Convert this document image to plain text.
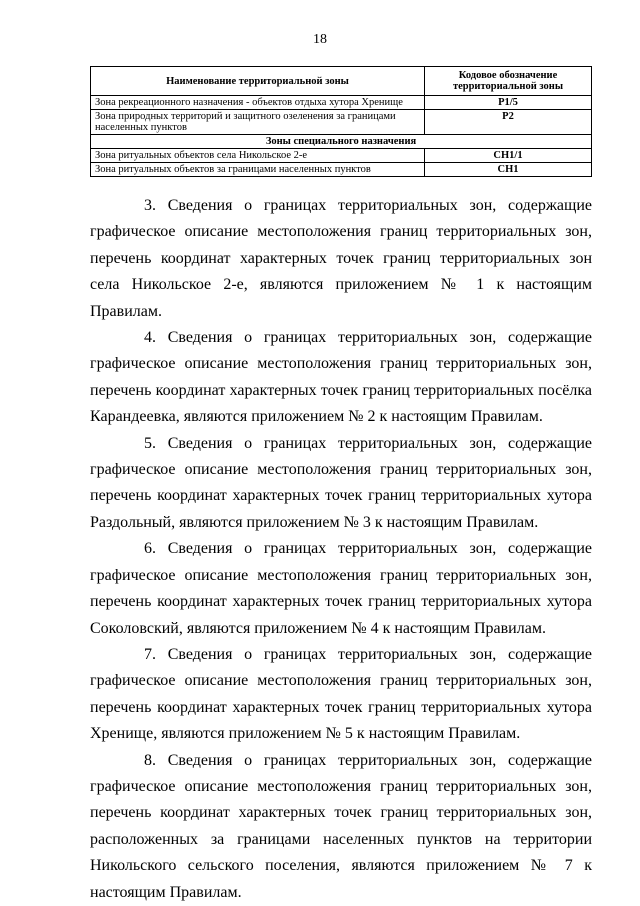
18
Наименование территориальной зоны	Кодовое обозначение территориальной зоны
Зона рекреационного назначения - объектов отдыха хутора Хренище	Р1/5
Зона природных территорий и защитного озеленения за границами населенных пунктов	Р2
Зоны специального назначения	
Зона ритуальных объектов села Никольское 2-е	СН1/1
Зона ритуальных объектов за границами населенных пунктов	СН1

3. Сведения о границах территориальных зон, содержащие графическое описание местоположения границ территориальных зон, перечень координат характерных точек границ территориальных зон села Никольское 2-е, являются приложением № 1 к настоящим Правилам.

4. Сведения о границах территориальных зон, содержащие графическое описание местоположения границ территориальных зон, перечень координат характерных точек границ территориальных посёлка Карандеевка, являются приложением № 2 к настоящим Правилам.

5. Сведения о границах территориальных зон, содержащие графическое описание местоположения границ территориальных зон, перечень координат характерных точек границ территориальных хутора Раздольный, являются приложением № 3 к настоящим Правилам.

6. Сведения о границах территориальных зон, содержащие графическое описание местоположения границ территориальных зон, перечень координат характерных точек границ территориальных хутора Соколовский, являются приложением № 4 к настоящим Правилам.

7. Сведения о границах территориальных зон, содержащие графическое описание местоположения границ территориальных зон, перечень координат характерных точек границ территориальных хутора Хренище, являются приложением № 5 к настоящим Правилам.

8. Сведения о границах территориальных зон, содержащие графическое описание местоположения границ территориальных зон, перечень координат характерных точек границ территориальных зон, расположенных за границами населенных пунктов на территории Никольского сельского поселения, являются приложением № 7 к настоящим Правилам.
